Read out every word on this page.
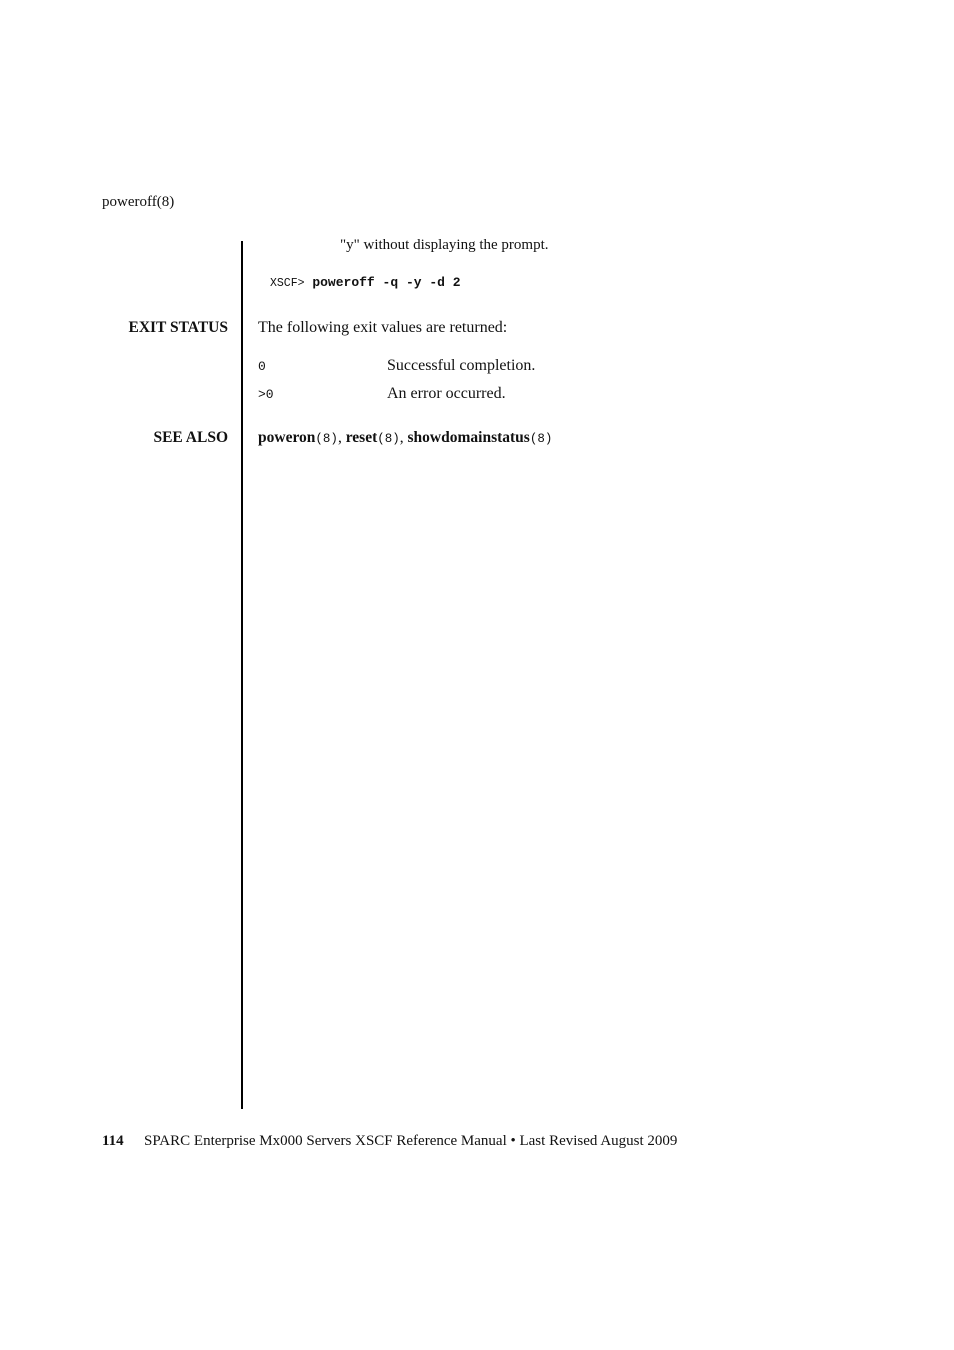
poweroff(8)
"y" without displaying the prompt.
XSCF> poweroff -q -y -d 2
EXIT STATUS The following exit values are returned:
0	Successful completion.
>0	An error occurred.
SEE ALSO poweron(8), reset(8), showdomainstatus(8)
114 SPARC Enterprise Mx000 Servers XSCF Reference Manual • Last Revised August 2009
